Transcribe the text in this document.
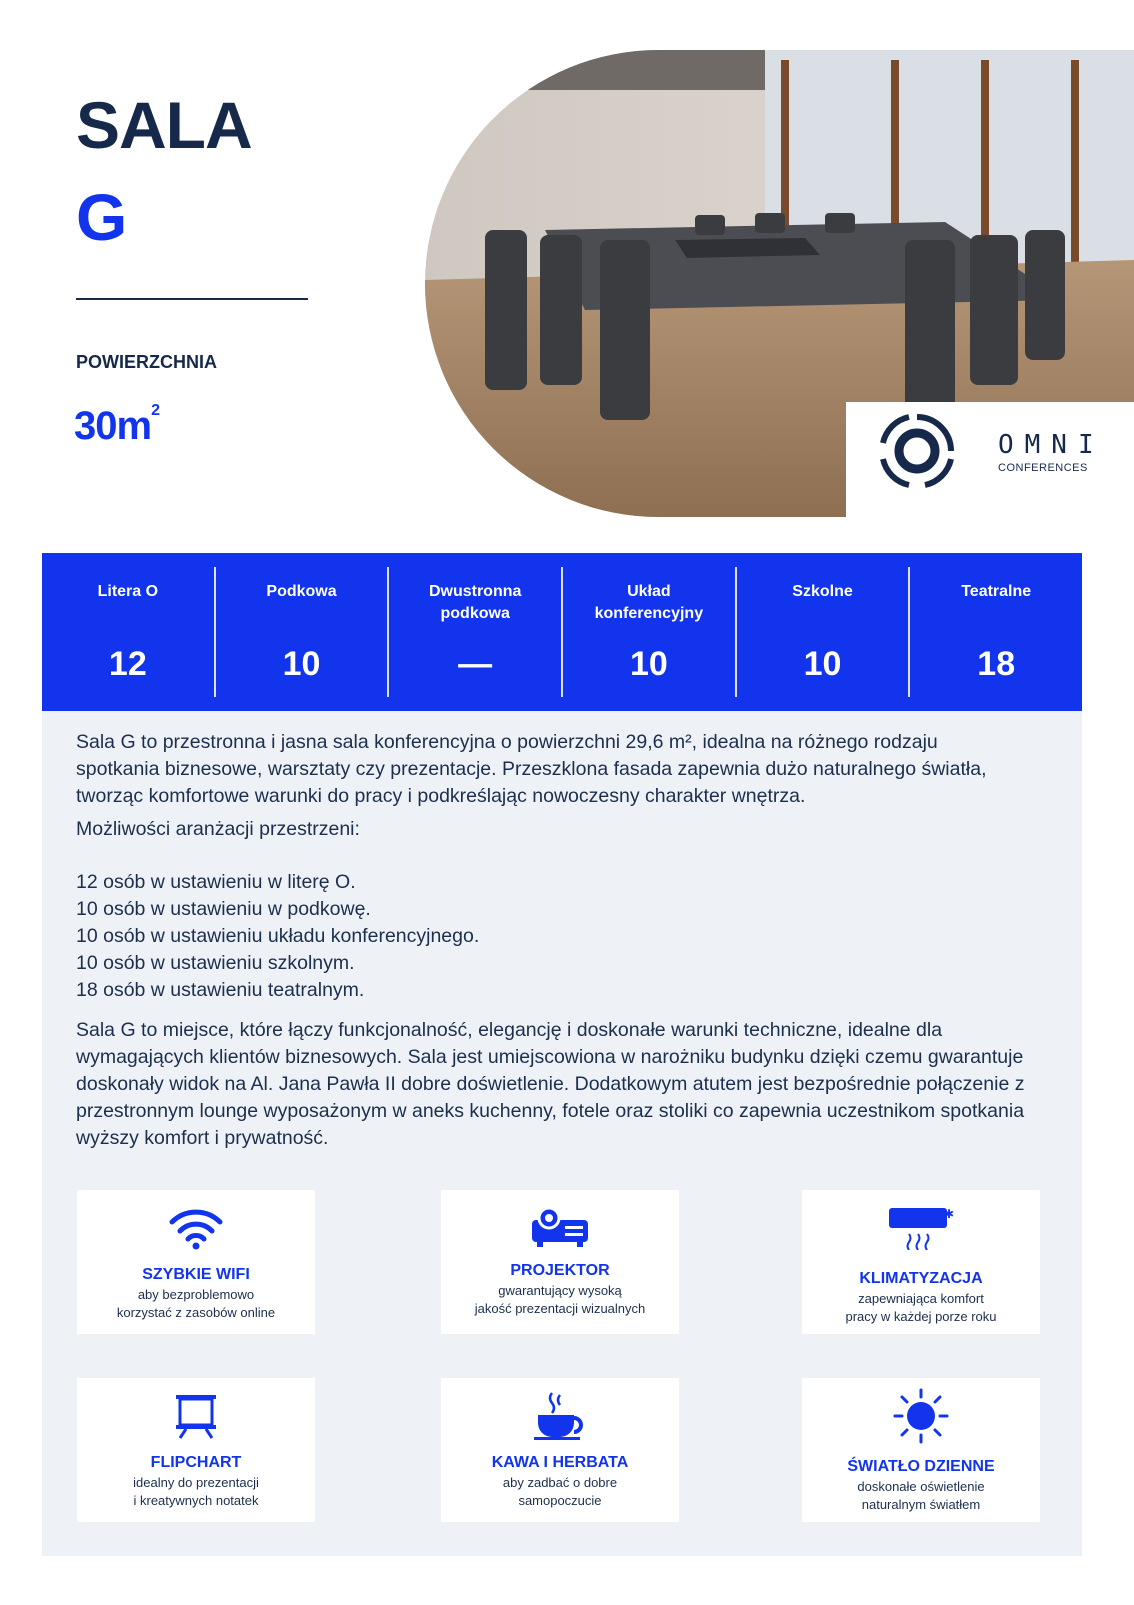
SALA
G
POWIERZCHNIA
$30m^2$
OMNI
CONFERENCES
Litera O
12
Podkowa
10
Dwustronna podkowa
—
Układ konferencyjny
10
Szkolne
10
Teatralne
18
Sala G to przestronna i jasna sala konferencyjna o powierzchni 29,6 m², idealna na różnego rodzaju spotkania biznesowe, warsztaty czy prezentacje. Przeszklona fasada zapewnia dużo naturalnego światła, tworząc komfortowe warunki do pracy i podkreślając nowoczesny charakter wnętrza.
Możliwości aranżacji przestrzeni:
12 osób w ustawieniu w literę O.
10 osób w ustawieniu w podkowę.
10 osób w ustawieniu układu konferencyjnego.
10 osób w ustawieniu szkolnym.
18 osób w ustawieniu teatralnym.
Sala G to miejsce, które łączy funkcjonalność, elegancję i doskonałe warunki techniczne, idealne dla wymagających klientów biznesowych. Sala jest umiejscowiona w narożniku budynku dzięki czemu gwarantuje doskonały widok na Al. Jana Pawła II dobre doświetlenie. Dodatkowym atutem jest bezpośrednie połączenie z przestronnym lounge wyposażonym w aneks kuchenny, fotele oraz stoliki co zapewnia uczestnikom spotkania wyższy komfort i prywatność.
SZYBKIE WIFI
aby bezproblemowo
korzystać z zasobów online
PROJEKTOR
gwarantujący wysoką
jakość prezentacji wizualnych
✱
KLIMATYZACJA
zapewniająca komfort
pracy w każdej porze roku
FLIPCHART
idealny do prezentacji
i kreatywnych notatek
KAWA I HERBATA
aby zadbać o dobre
samopoczucie
ŚWIATŁO DZIENNE
doskonałe oświetlenie
naturalnym światłem
